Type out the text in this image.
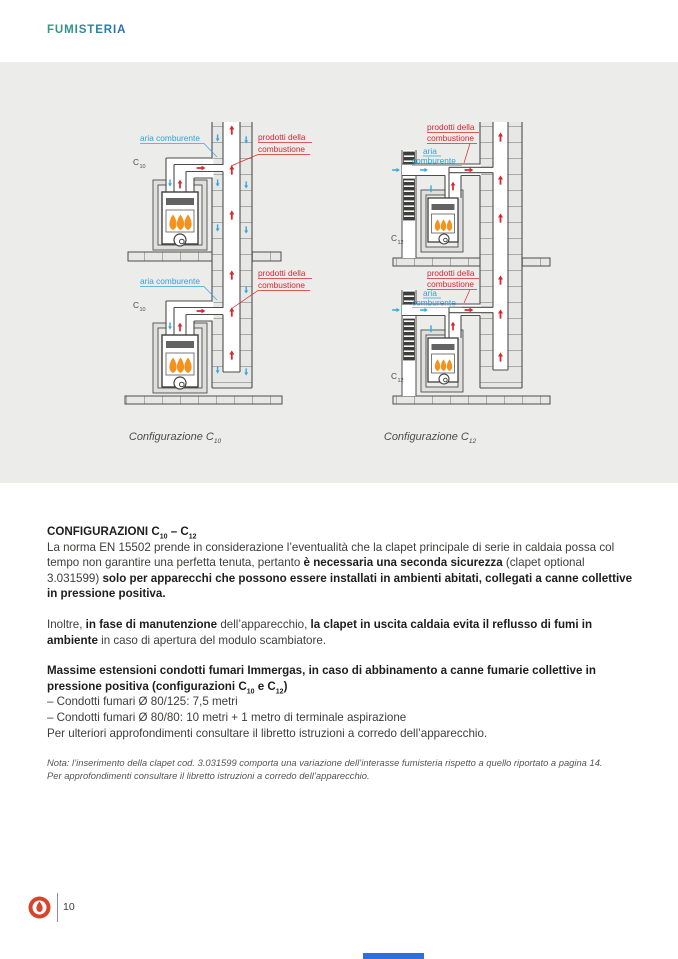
FUMISTERIA
aria comburente
C 10
prodotti della
combustione
aria comburente
C 10
prodotti della
combustione
prodotti della
combustione
aria
comburente
C 12
prodotti della
combustione
aria
comburente
C 12
Configurazione $C_{10}$	Configurazione $C_{12}$
CONFIGURAZIONI $C_{10} - C_{12}$

La norma EN 15502 prende in considerazione l’eventualità che la clapet principale di serie in caldaia possa col tempo non garantire una perfetta tenuta, pertanto è necessaria una seconda sicurezza (clapet optional 3.031599) solo per apparecchi che possono essere installati in ambienti abitati, collegati a canne collettive in pressione positiva.

Inoltre, in fase di manutenzione dell’apparecchio, la clapet in uscita caldaia evita il reflusso di fumi in ambiente in caso di apertura del modulo scambiatore.

Massime estensioni condotti fumari Immergas, in caso di abbinamento a canne fumarie collettive in pressione positiva (configurazioni $C_{10}$ e $C_{12}$)

– Condotti fumari Ø 80/125: 7,5 metri

– Condotti fumari Ø 80/80: 10 metri + 1 metro di terminale aspirazione

Per ulteriori approfondimenti consultare il libretto istruzioni a corredo dell’apparecchio.

Nota: l’inserimento della clapet cod. 3.031599 comporta una variazione dell’interasse fumisteria rispetto a quello riportato a pagina 14.
Per approfondimenti consultare il libretto istruzioni a corredo dell’apparecchio.
10
